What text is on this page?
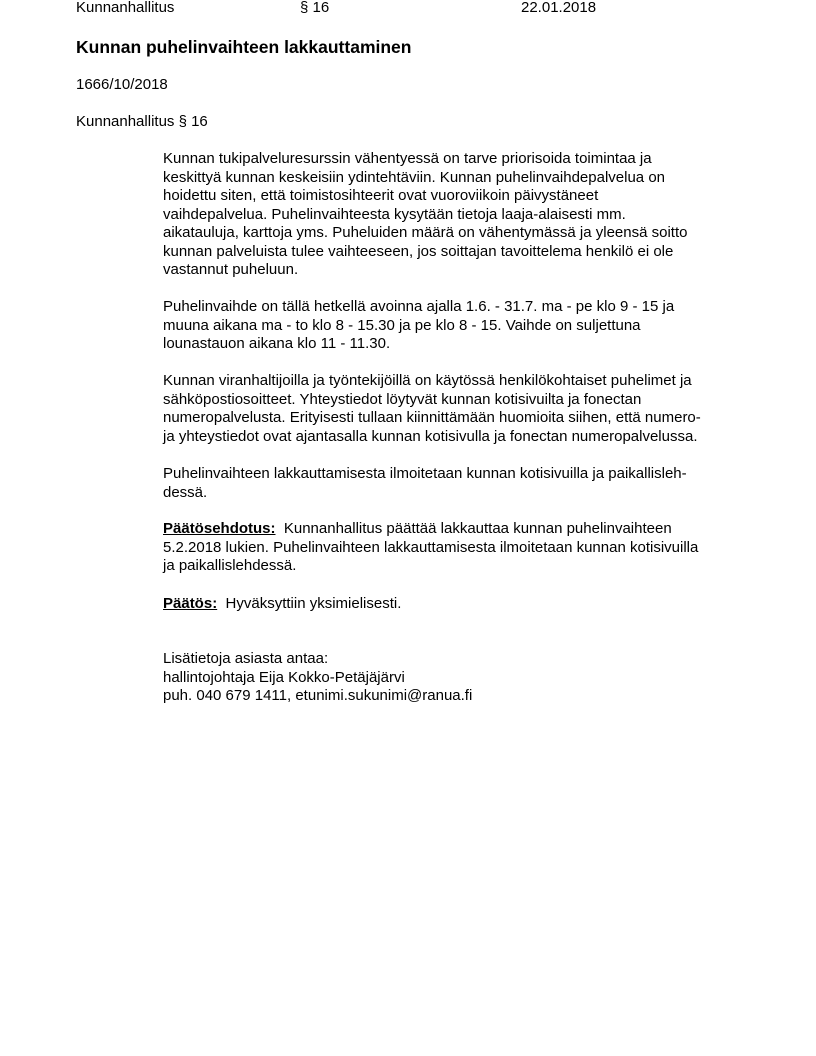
Kunnanhallitus	§ 16	22.01.2018
Kunnan puhelinvaihteen lakkauttaminen
1666/10/2018
Kunnanhallitus § 16
Kunnan tukipalveluresurssin vähentyessä on tarve priorisoida toimintaa ja
keskittyä kunnan keskeisiin ydintehtäviin. Kunnan puhelinvaihdepalvelua on
hoidettu siten, että toimistosihteerit ovat vuoroviikoin päivystäneet
vaihdepalvelua. Puhelinvaihteesta kysytään tietoja laaja-alaisesti mm.
aikatauluja, karttoja yms. Puheluiden määrä on vähentymässä ja yleensä soitto
kunnan palveluista tulee vaihteeseen, jos soittajan tavoittelema henkilö ei ole
vastannut puheluun.
Puhelinvaihde on tällä hetkellä avoinna ajalla 1.6. - 31.7. ma - pe klo 9 - 15 ja
muuna aikana ma - to klo 8 - 15.30 ja pe klo 8 - 15. Vaihde on suljettuna
lounastauon aikana klo 11 - 11.30.
Kunnan viranhaltijoilla ja työntekijöillä on käytössä henkilökohtaiset puhelimet ja
sähköpostiosoitteet. Yhteystiedot löytyvät kunnan kotisivuilta ja fonectan
numeropalvelusta. Erityisesti tullaan kiinnittämään huomioita siihen, että numero-
ja yhteystiedot ovat ajantasalla kunnan kotisivulla ja fonectan numeropalvelussa.
Puhelinvaihteen lakkauttamisesta ilmoitetaan kunnan kotisivuilla ja paikallisleh-
dessä.
Päätösehdotus: Kunnanhallitus päättää lakkauttaa kunnan puhelinvaihteen
5.2.2018 lukien. Puhelinvaihteen lakkauttamisesta ilmoitetaan kunnan kotisivuilla
ja paikallislehdessä.
Päätös: Hyväksyttiin yksimielisesti.
Lisätietoja asiasta antaa:
hallintojohtaja Eija Kokko-Petäjäjärvi
puh. 040 679 1411, etunimi.sukunimi@ranua.fi
